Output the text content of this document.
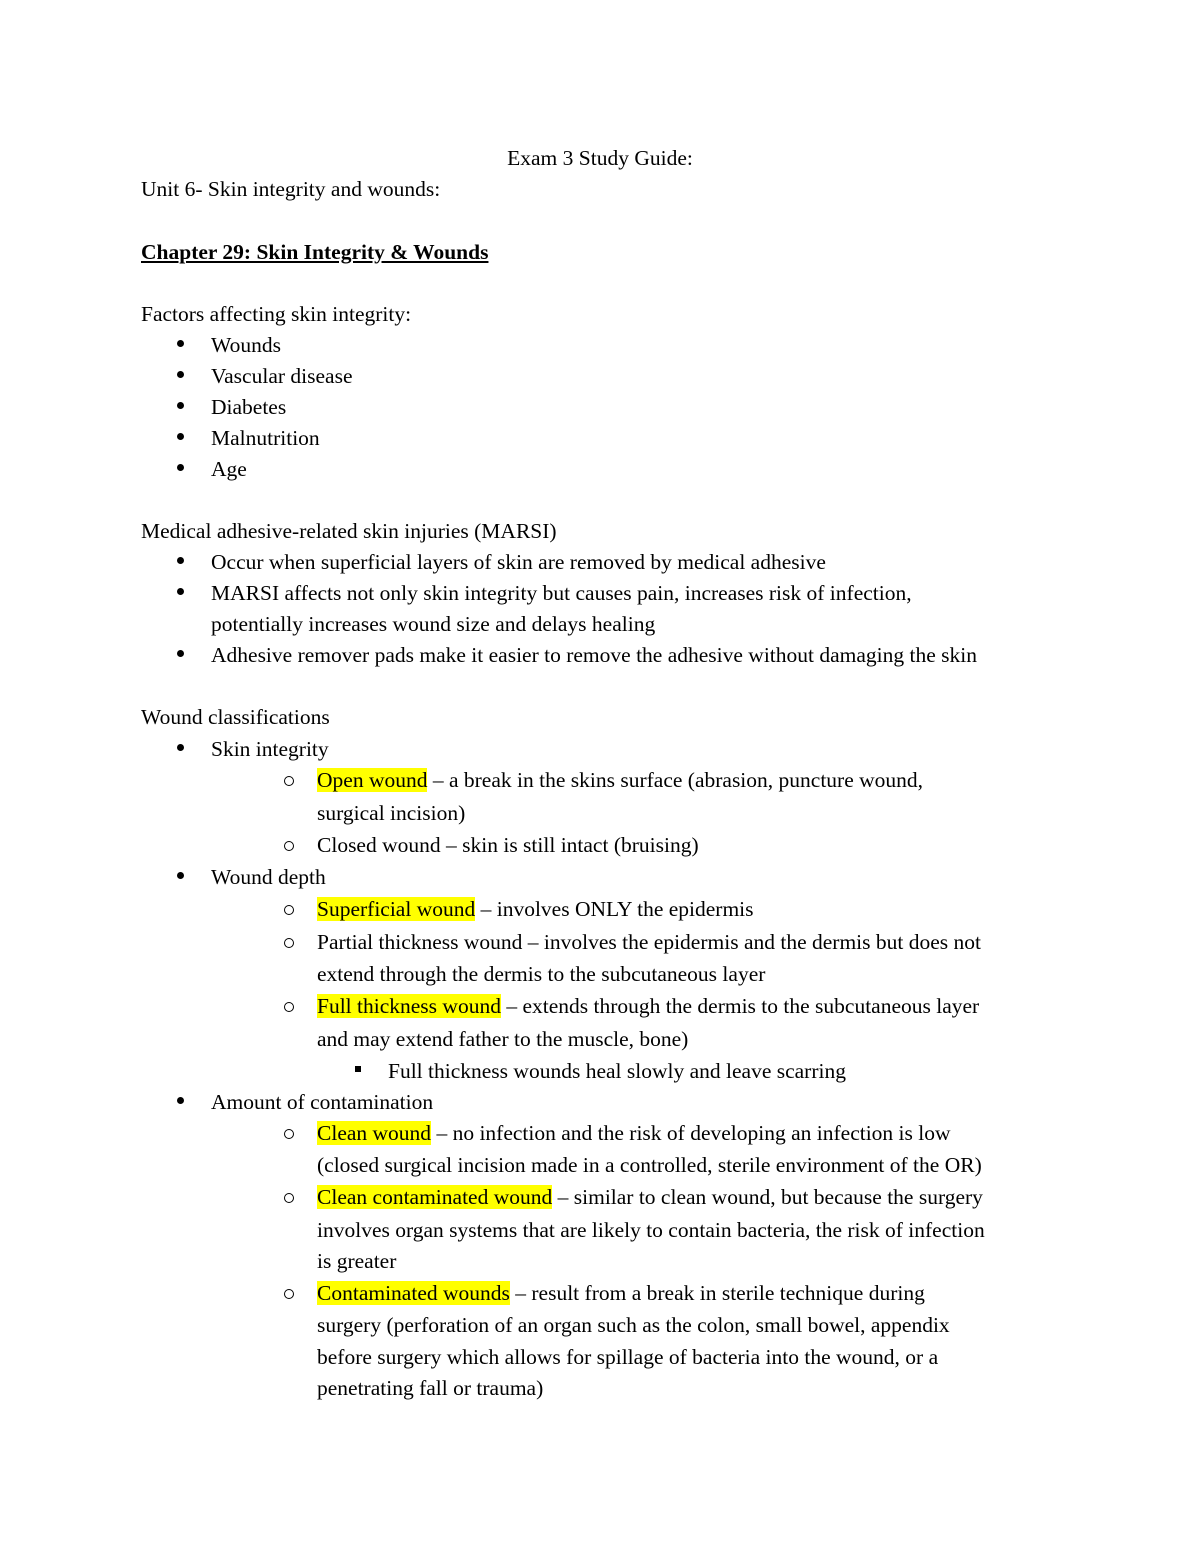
Exam 3 Study Guide:
Unit 6- Skin integrity and wounds:
Chapter 29: Skin Integrity & Wounds
Factors affecting skin integrity:
Wounds
Vascular disease
Diabetes
Malnutrition
Age
Medical adhesive-related skin injuries (MARSI)
Occur when superficial layers of skin are removed by medical adhesive
MARSI affects not only skin integrity but causes pain, increases risk of infection,
potentially increases wound size and delays healing
Adhesive remover pads make it easier to remove the adhesive without damaging the skin
Wound classifications
Skin integrity
Open wound – a break in the skins surface (abrasion, puncture wound,
surgical incision)
Closed wound – skin is still intact (bruising)
Wound depth
Superficial wound – involves ONLY the epidermis
Partial thickness wound – involves the epidermis and the dermis but does not
extend through the dermis to the subcutaneous layer
Full thickness wound – extends through the dermis to the subcutaneous layer
and may extend father to the muscle, bone)
Full thickness wounds heal slowly and leave scarring
Amount of contamination
Clean wound – no infection and the risk of developing an infection is low
(closed surgical incision made in a controlled, sterile environment of the OR)
Clean contaminated wound – similar to clean wound, but because the surgery
involves organ systems that are likely to contain bacteria, the risk of infection
is greater
Contaminated wounds – result from a break in sterile technique during
surgery (perforation of an organ such as the colon, small bowel, appendix
before surgery which allows for spillage of bacteria into the wound, or a
penetrating fall or trauma)
